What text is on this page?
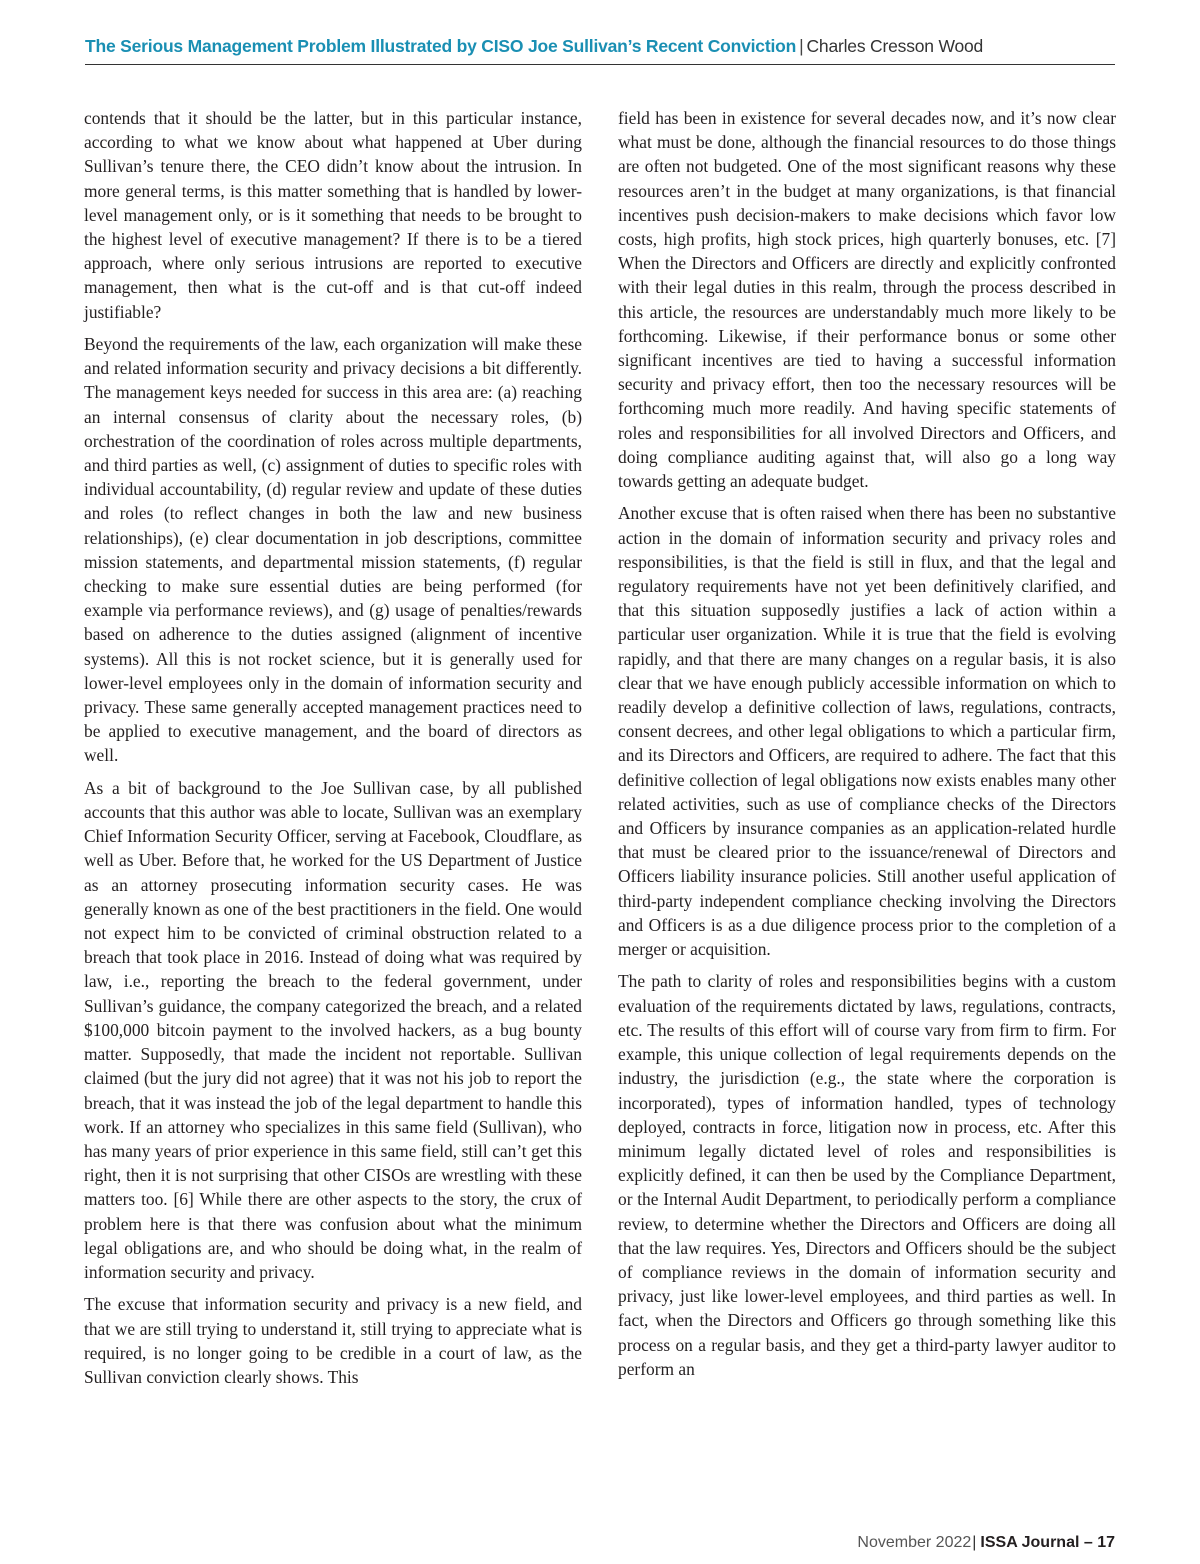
The Serious Management Problem Illustrated by CISO Joe Sullivan’s Recent Conviction | Charles Cresson Wood

contends that it should be the latter, but in this particular instance, according to what we know about what happened at Uber during Sullivan’s tenure there, the CEO didn’t know about the intrusion. In more general terms, is this matter something that is handled by lower-level management only, or is it something that needs to be brought to the highest level of executive management? If there is to be a tiered approach, where only serious intrusions are reported to executive management, then what is the cut-off and is that cut-off indeed justifiable?

Beyond the requirements of the law, each organization will make these and related information security and privacy decisions a bit differently. The management keys needed for success in this area are: (a) reaching an internal consensus of clarity about the necessary roles, (b) orchestration of the coordination of roles across multiple departments, and third parties as well, (c) assignment of duties to specific roles with individual accountability, (d) regular review and update of these duties and roles (to reflect changes in both the law and new business relationships), (e) clear documentation in job descriptions, committee mission statements, and departmental mission statements, (f) regular checking to make sure essential duties are being performed (for example via performance reviews), and (g) usage of penalties/rewards based on adherence to the duties assigned (alignment of incentive systems). All this is not rocket science, but it is generally used for lower-level employees only in the domain of information security and privacy. These same generally accepted management practices need to be applied to executive management, and the board of directors as well.

As a bit of background to the Joe Sullivan case, by all published accounts that this author was able to locate, Sullivan was an exemplary Chief Information Security Officer, serving at Facebook, Cloudflare, as well as Uber. Before that, he worked for the US Department of Justice as an attorney prosecuting information security cases. He was generally known as one of the best practitioners in the field. One would not expect him to be convicted of criminal obstruction related to a breach that took place in 2016. Instead of doing what was required by law, i.e., reporting the breach to the federal government, under Sullivan’s guidance, the company categorized the breach, and a related $100,000 bitcoin payment to the involved hackers, as a bug bounty matter. Supposedly, that made the incident not reportable. Sullivan claimed (but the jury did not agree) that it was not his job to report the breach, that it was instead the job of the legal department to handle this work. If an attorney who specializes in this same field (Sullivan), who has many years of prior experience in this same field, still can’t get this right, then it is not surprising that other CISOs are wrestling with these matters too. [6] While there are other aspects to the story, the crux of problem here is that there was confusion about what the minimum legal obligations are, and who should be doing what, in the realm of information security and privacy.

The excuse that information security and privacy is a new field, and that we are still trying to understand it, still trying to appreciate what is required, is no longer going to be credible in a court of law, as the Sullivan conviction clearly shows. This

field has been in existence for several decades now, and it’s now clear what must be done, although the financial resources to do those things are often not budgeted. One of the most significant reasons why these resources aren’t in the budget at many organizations, is that financial incentives push decision-makers to make decisions which favor low costs, high profits, high stock prices, high quarterly bonuses, etc. [7] When the Directors and Officers are directly and explicitly confronted with their legal duties in this realm, through the process described in this article, the resources are understandably much more likely to be forthcoming. Likewise, if their performance bonus or some other significant incentives are tied to having a successful information security and privacy effort, then too the necessary resources will be forthcoming much more readily. And having specific statements of roles and responsibilities for all involved Directors and Officers, and doing compliance auditing against that, will also go a long way towards getting an adequate budget.

Another excuse that is often raised when there has been no substantive action in the domain of information security and privacy roles and responsibilities, is that the field is still in flux, and that the legal and regulatory requirements have not yet been definitively clarified, and that this situation supposedly justifies a lack of action within a particular user organization. While it is true that the field is evolving rapidly, and that there are many changes on a regular basis, it is also clear that we have enough publicly accessible information on which to readily develop a definitive collection of laws, regulations, contracts, consent decrees, and other legal obligations to which a particular firm, and its Directors and Officers, are required to adhere. The fact that this definitive collection of legal obligations now exists enables many other related activities, such as use of compliance checks of the Directors and Officers by insurance companies as an application-related hurdle that must be cleared prior to the issuance/renewal of Directors and Officers liability insurance policies. Still another useful application of third-party independent compliance checking involving the Directors and Officers is as a due diligence process prior to the completion of a merger or acquisition.

The path to clarity of roles and responsibilities begins with a custom evaluation of the requirements dictated by laws, regulations, contracts, etc. The results of this effort will of course vary from firm to firm. For example, this unique collection of legal requirements depends on the industry, the jurisdiction (e.g., the state where the corporation is incorporated), types of information handled, types of technology deployed, contracts in force, litigation now in process, etc. After this minimum legally dictated level of roles and responsibilities is explicitly defined, it can then be used by the Compliance Department, or the Internal Audit Department, to periodically perform a compliance review, to determine whether the Directors and Officers are doing all that the law requires. Yes, Directors and Officers should be the subject of compliance reviews in the domain of information security and privacy, just like lower-level employees, and third parties as well. In fact, when the Directors and Officers go through something like this process on a regular basis, and they get a third-party lawyer auditor to perform an

November 2022| ISSA Journal – 17
